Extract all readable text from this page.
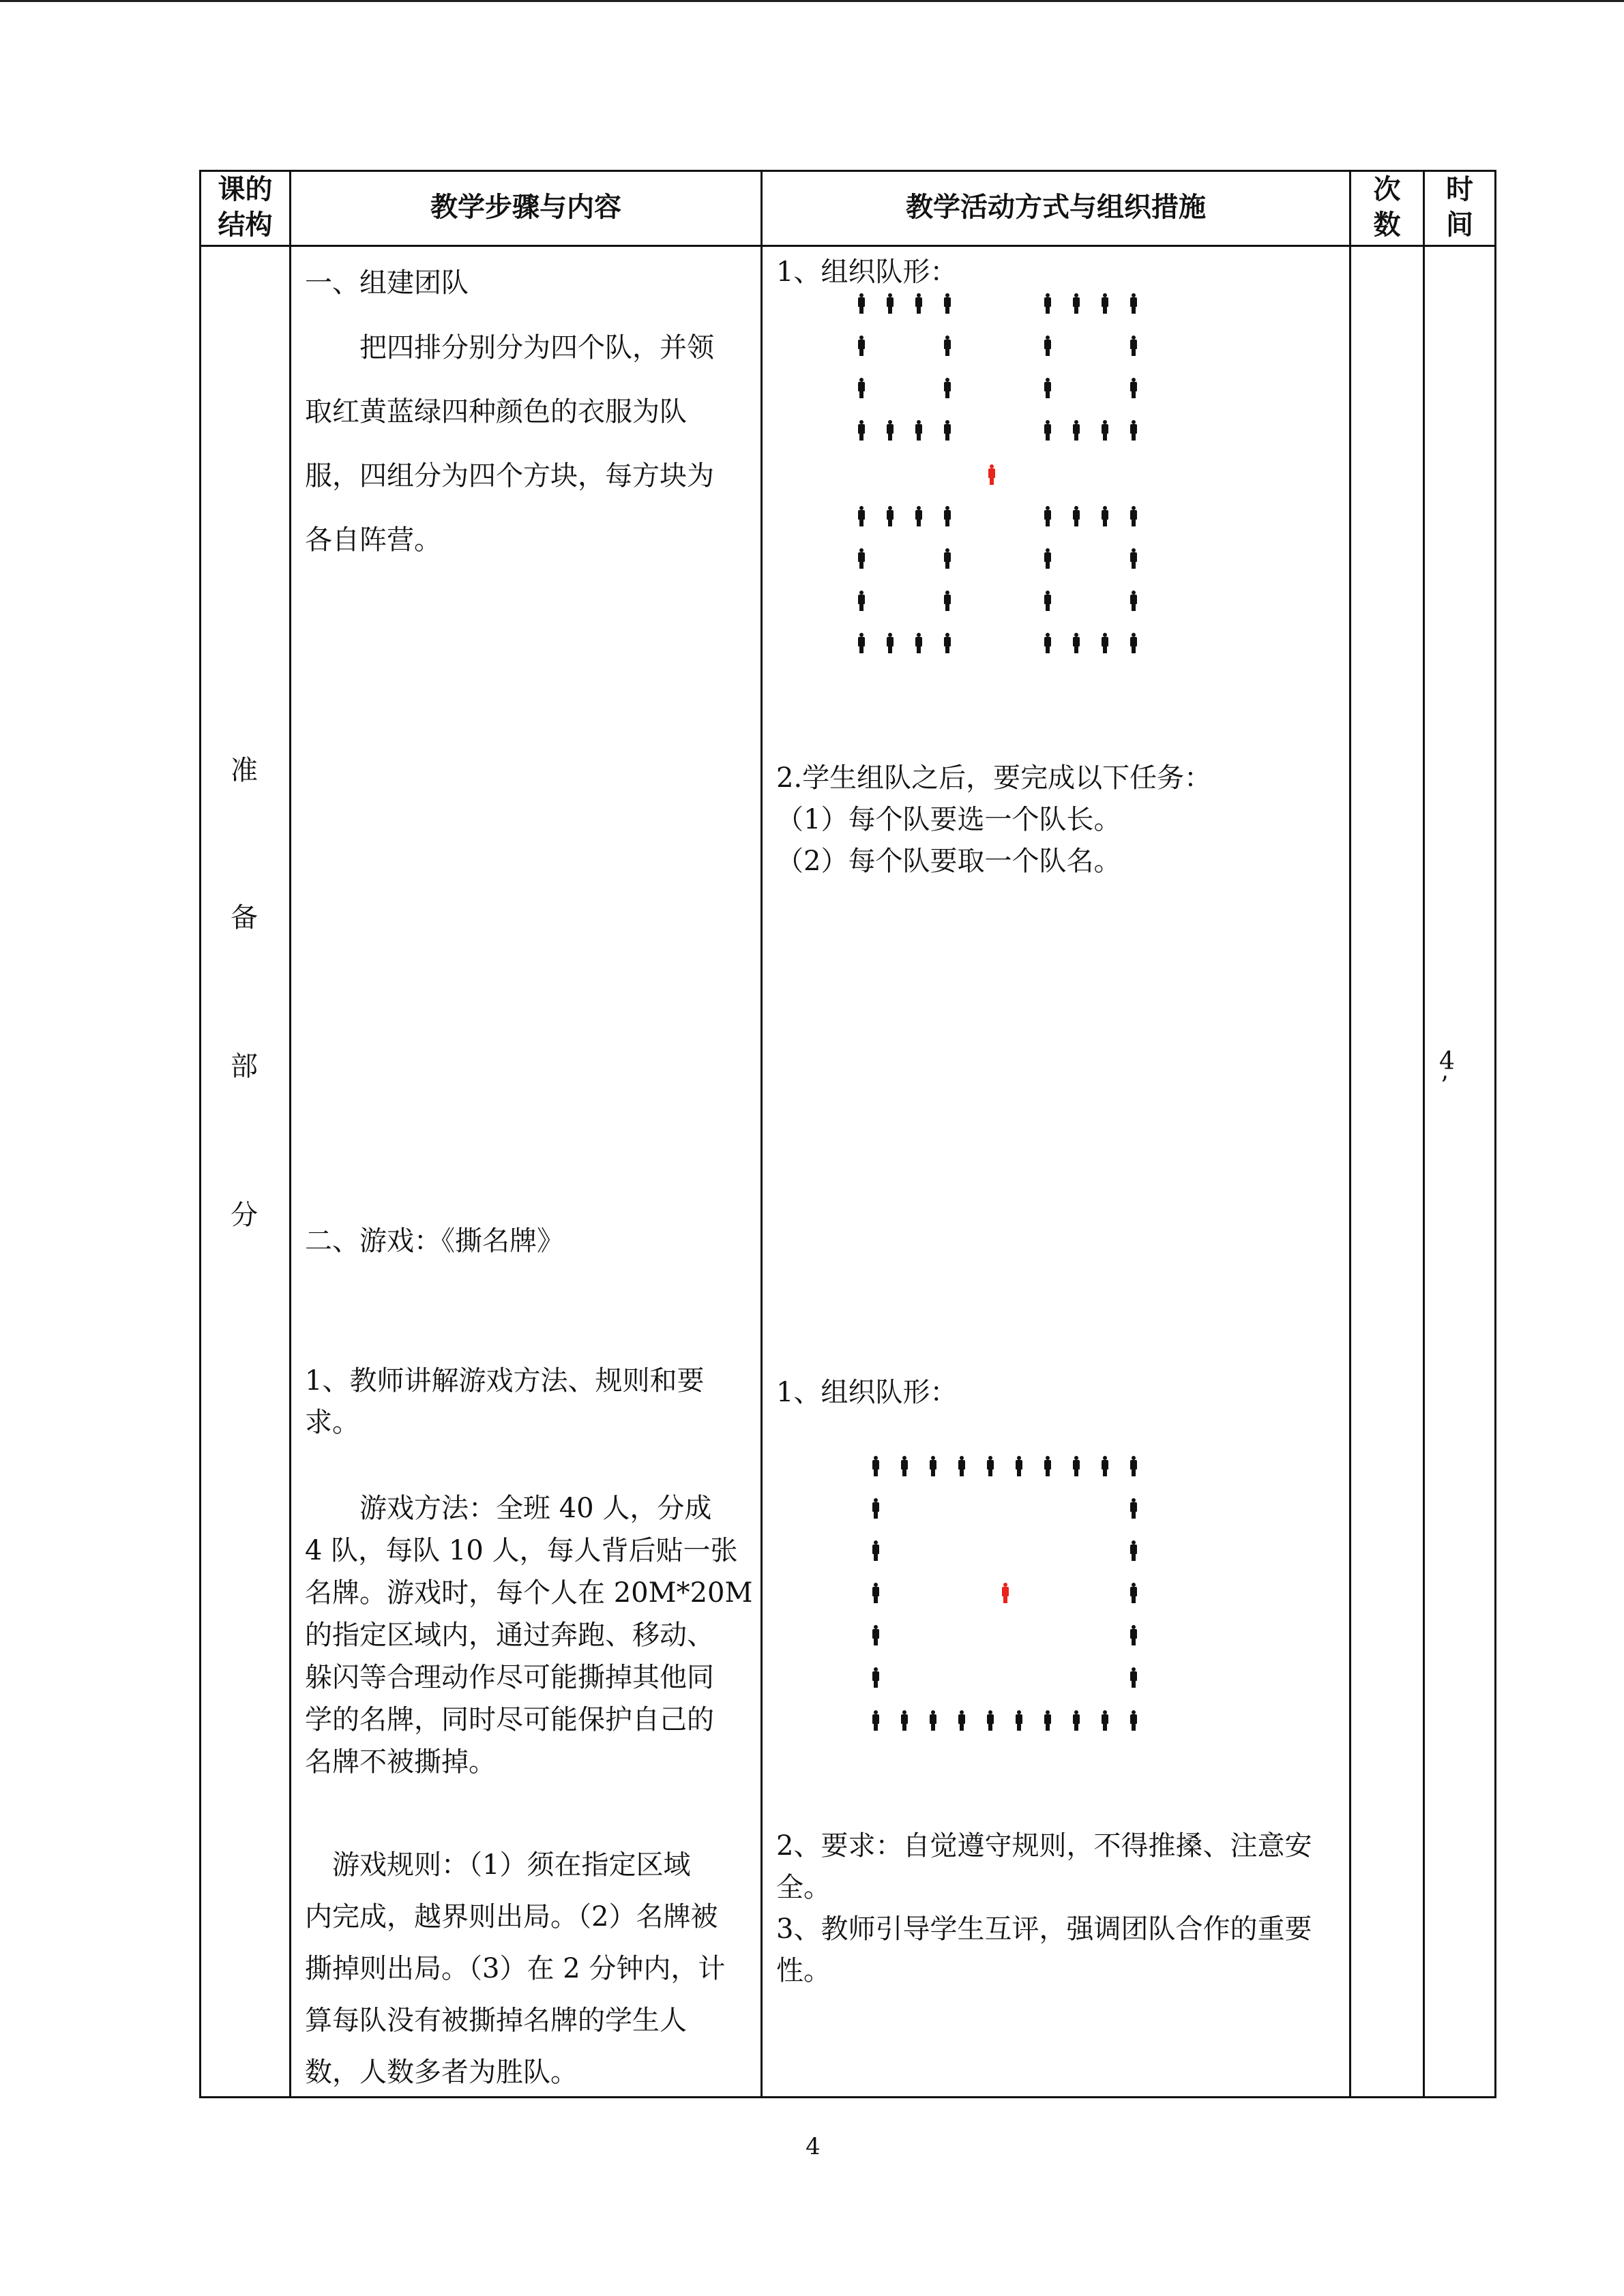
课的
结构
教学步骤与内容	教学活动方式与组织措施
次
数
时
间
准
备
部
分
4
’
一、组建团队
　　把四排分别分为四个队，并领
取红黄蓝绿四种颜色的衣服为队
服，四组分为四个方块，每方块为
各自阵营。
二、游戏：《撕名牌》
1、教师讲解游戏方法、规则和要
求。
　　游戏方法：全班 40 人，分成
4 队，每队 10 人，每人背后贴一张
名牌。游戏时，每个人在 20M*20M
的指定区域内，通过奔跑、移动、
躲闪等合理动作尽可能撕掉其他同
学的名牌，同时尽可能保护自己的
名牌不被撕掉。
　游戏规则：（1）须在指定区域
内完成，越界则出局。（2）名牌被
撕掉则出局。（3）在 2 分钟内，计
算每队没有被撕掉名牌的学生人
数，人数多者为胜队。
1、组织队形：
2.学生组队之后，要完成以下任务：
（1）每个队要选一个队长。
（2）每个队要取一个队名。
1、组织队形：
2、要求：自觉遵守规则，不得推搡、注意安
全。
3、教师引导学生互评，强调团队合作的重要
性。
4
